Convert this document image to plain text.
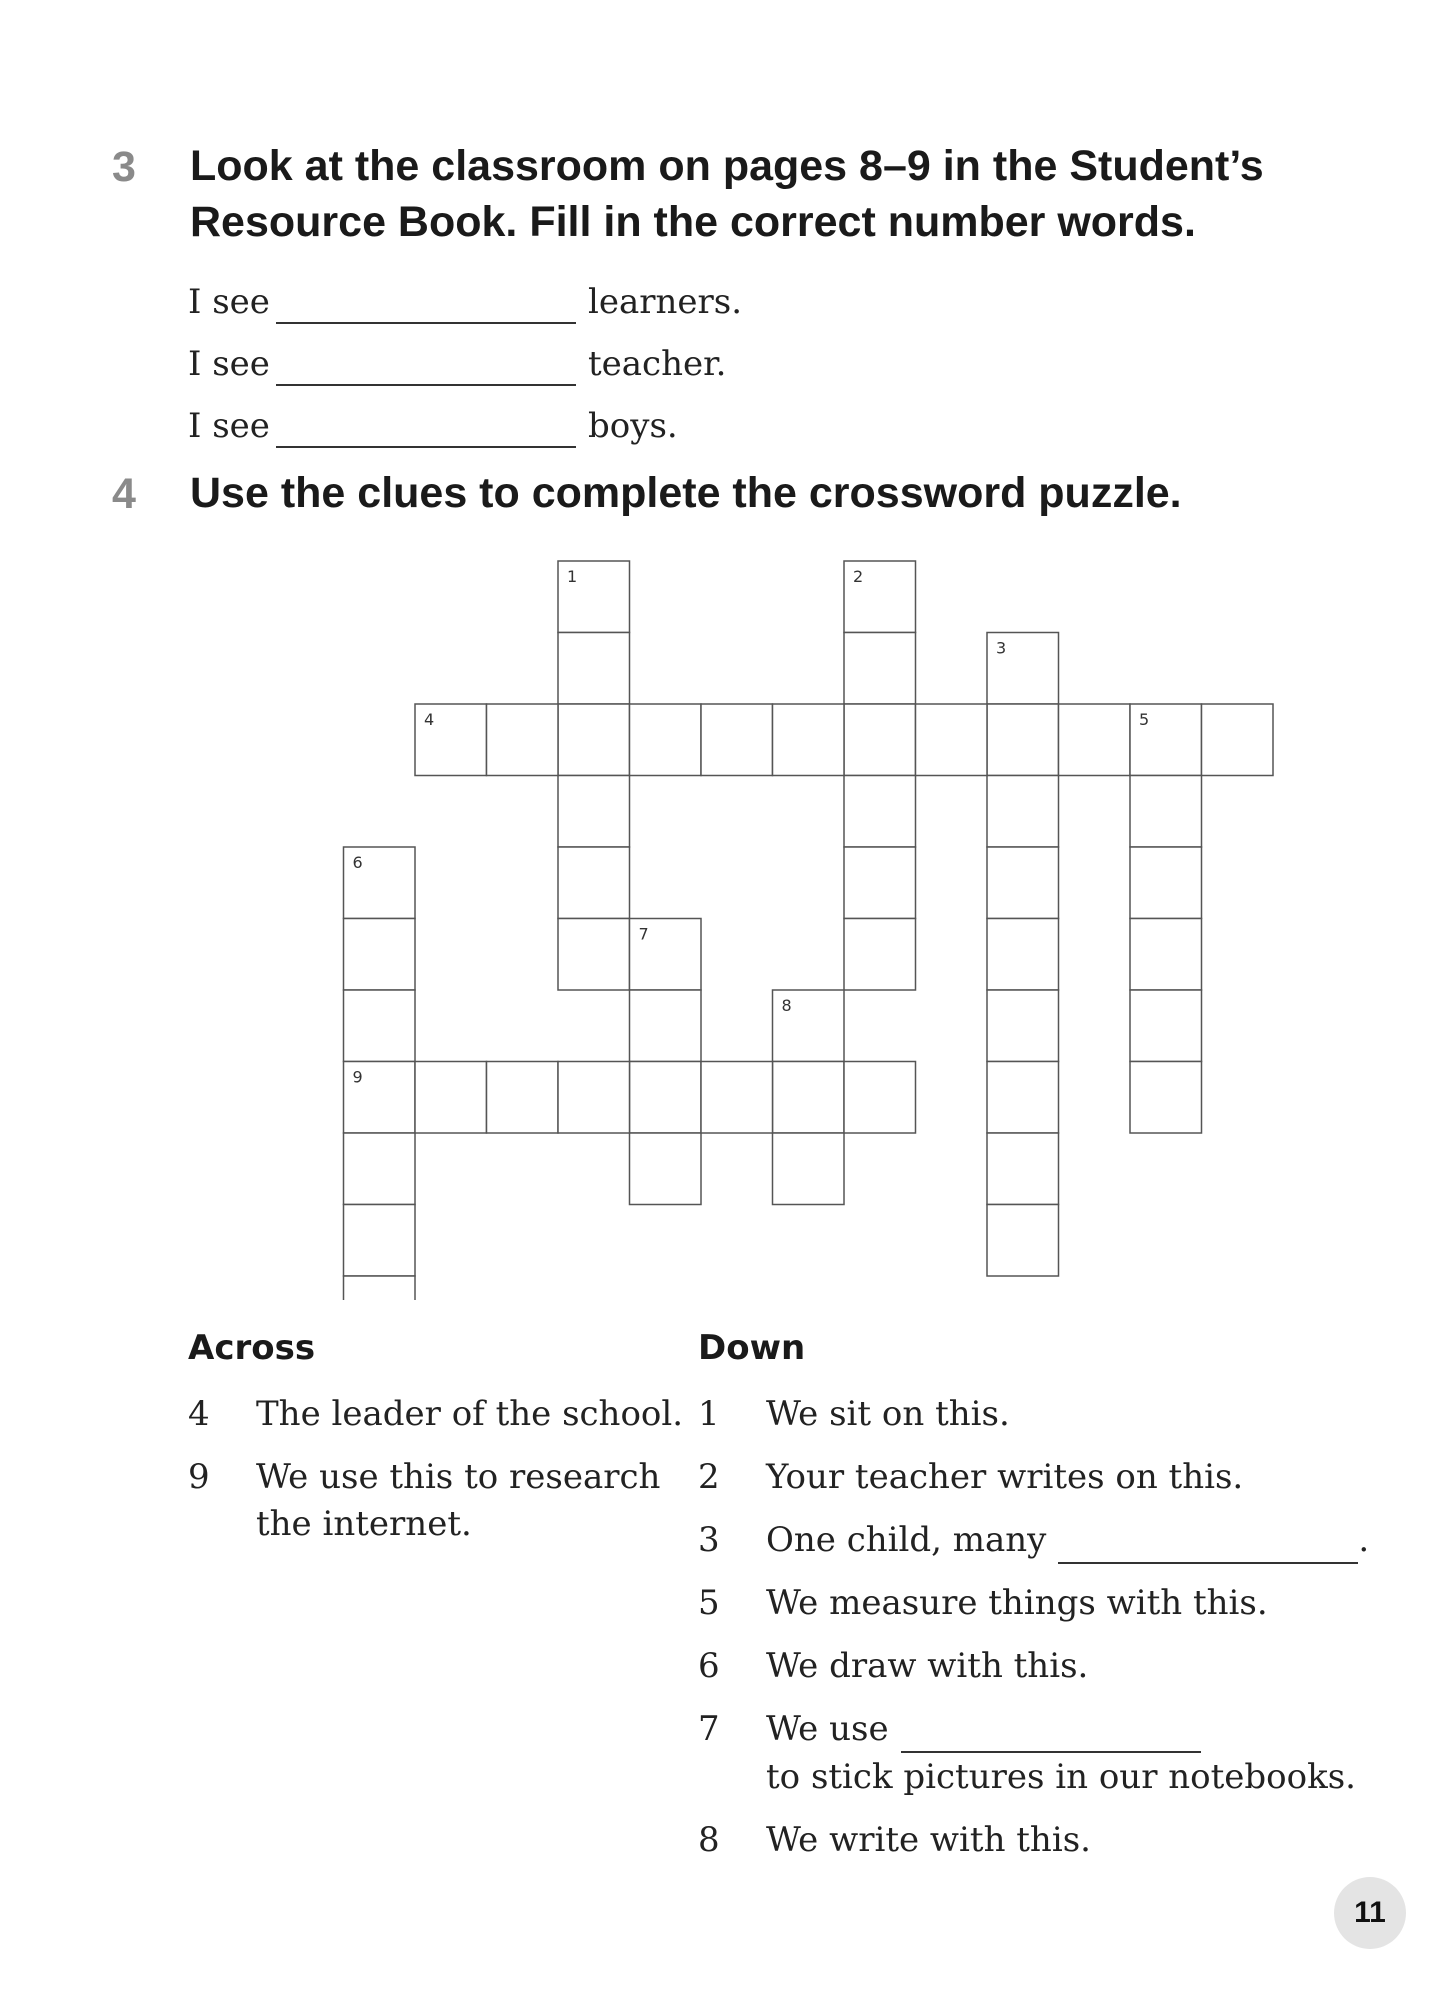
3 Look at the classroom on pages 8–9 in the Student’s Resource Book. Fill in the correct number words.
I see	learners.
I see	teacher.
I see	boys.
4 Use the clues to complete the crossword puzzle.
1	2
3
4	5
6
9
7
8
Across	Down
4 The leader of the school.
9 We use this to research
the internet.
1 We sit on this.
2 Your teacher writes on this.
3 One child, many	.
5 We measure things with this.
6 We draw with this.
7 We use
to stick pictures in our notebooks.
8 We write with this.
11
